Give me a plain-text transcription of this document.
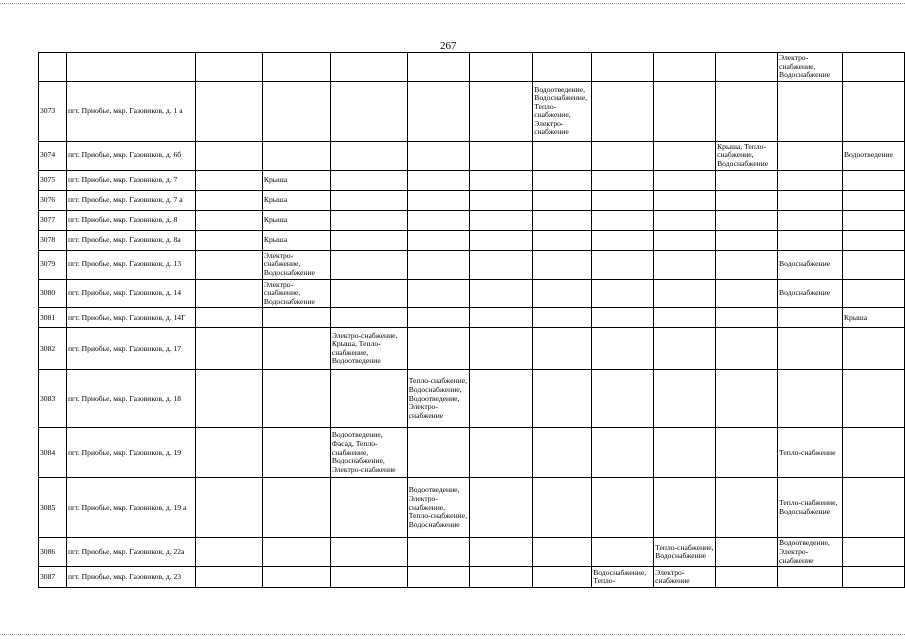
267
											Электро-снабжение, Водоснабжение	
3073	пгт. Приобье, мкр. Газовиков, д. 1 а						Водоотведение, Водоснабжение, Тепло-снабжение, Электро-снабжение					
3074	пгт. Приобье, мкр. Газовиков, д. 6б									Крыша, Тепло-снабжение, Водоснабжение		Водоотведение
3075	пгт. Приобье, мкр. Газовиков, д. 7		Крыша									
3076	пгт. Приобье, мкр. Газовиков, д. 7 а		Крыша									
3077	пгт. Приобье, мкр. Газовиков, д. 8		Крыша									
3078	пгт. Приобье, мкр. Газовиков, д. 8а		Крыша									
3079	пгт. Приобье, мкр. Газовиков, д. 13		Электро-снабжение, Водоснабжение								Водоснабжение	
3080	пгт. Приобье, мкр. Газовиков, д. 14		Электро-снабжение, Водоснабжение								Водоснабжение	
3081	пгт. Приобье, мкр. Газовиков, д. 14Г											Крыша
3082	пгт. Приобье, мкр. Газовиков, д. 17			Электро-снабжение, Крыша, Тепло-снабжение, Водоотведение								
3083	пгт. Приобье, мкр. Газовиков, д. 18				Тепло-снабжение, Водоснабжение, Водоотведение, Электро-снабжение							
3084	пгт. Приобье, мкр. Газовиков, д. 19			Водоотведение, Фасад, Тепло-снабжение, Водоснабжение, Электро-снабжение							Тепло-снабжение	
3085	пгт. Приобье, мкр. Газовиков, д. 19 а				Водоотведение, Электро-снабжение, Тепло-снабжение, Водоснабжение						Тепло-снабжение, Водоснабжение	
3086	пгт. Приобье, мкр. Газовиков, д. 22а								Тепло-снабжение, Водоснабжение		Водоотведение, Электро-снабжение	
3087	пгт. Приобье, мкр. Газовиков, д. 23							Водоснабжение, Тепло-	Электро-снабжение			
